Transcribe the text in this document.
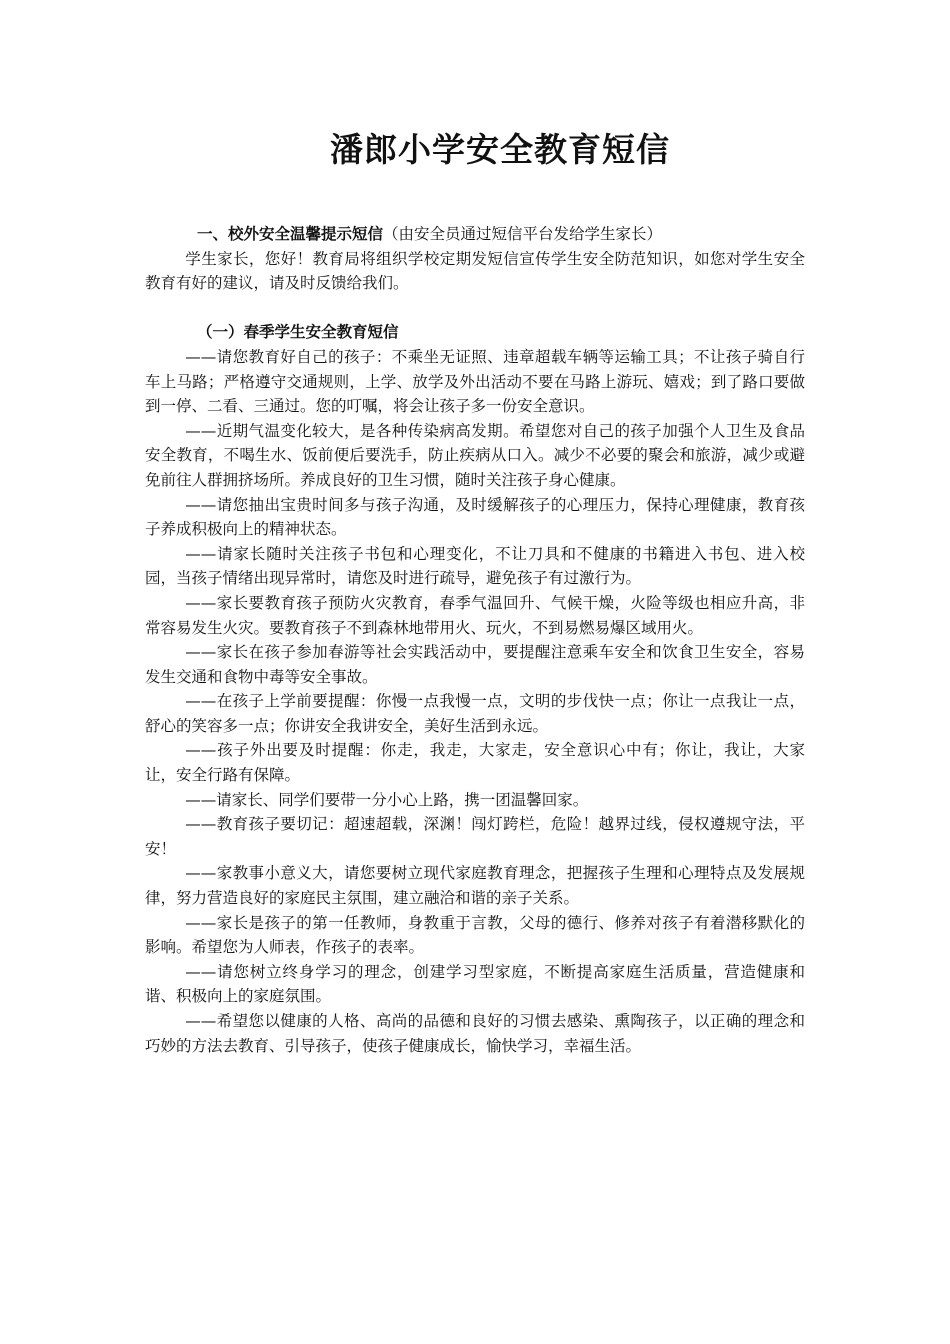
潘郎小学安全教育短信

一、校外安全温馨提示短信（由安全员通过短信平台发给学生家长）

学生家长，您好！教育局将组织学校定期发短信宣传学生安全防范知识，如您对学生安全教育有好的建议，请及时反馈给我们。

（一）春季学生安全教育短信

——请您教育好自己的孩子：不乘坐无证照、违章超载车辆等运输工具；不让孩子骑自行车上马路；严格遵守交通规则，上学、放学及外出活动不要在马路上游玩、嬉戏；到了路口要做到一停、二看、三通过。您的叮嘱，将会让孩子多一份安全意识。

——近期气温变化较大，是各种传染病高发期。希望您对自己的孩子加强个人卫生及食品安全教育，不喝生水、饭前便后要洗手，防止疾病从口入。减少不必要的聚会和旅游，减少或避免前往人群拥挤场所。养成良好的卫生习惯，随时关注孩子身心健康。

——请您抽出宝贵时间多与孩子沟通，及时缓解孩子的心理压力，保持心理健康，教育孩子养成积极向上的精神状态。

——请家长随时关注孩子书包和心理变化，不让刀具和不健康的书籍进入书包、进入校园，当孩子情绪出现异常时，请您及时进行疏导，避免孩子有过激行为。

——家长要教育孩子预防火灾教育，春季气温回升、气候干燥，火险等级也相应升高，非常容易发生火灾。要教育孩子不到森林地带用火、玩火，不到易燃易爆区域用火。

——家长在孩子参加春游等社会实践活动中，要提醒注意乘车安全和饮食卫生安全，容易发生交通和食物中毒等安全事故。

——在孩子上学前要提醒：你慢一点我慢一点，文明的步伐快一点；你让一点我让一点，舒心的笑容多一点；你讲安全我讲安全，美好生活到永远。

——孩子外出要及时提醒：你走，我走，大家走，安全意识心中有；你让，我让，大家让，安全行路有保障。

——请家长、同学们要带一分小心上路，携一团温馨回家。

——教育孩子要切记：超速超载，深渊！闯灯跨栏，危险！越界过线，侵权遵规守法，平安！

——家教事小意义大，请您要树立现代家庭教育理念，把握孩子生理和心理特点及发展规律，努力营造良好的家庭民主氛围，建立融洽和谐的亲子关系。

——家长是孩子的第一任教师，身教重于言教，父母的德行、修养对孩子有着潜移默化的影响。希望您为人师表，作孩子的表率。

——请您树立终身学习的理念，创建学习型家庭，不断提高家庭生活质量，营造健康和谐、积极向上的家庭氛围。

——希望您以健康的人格、高尚的品德和良好的习惯去感染、熏陶孩子，以正确的理念和巧妙的方法去教育、引导孩子，使孩子健康成长，愉快学习，幸福生活。
